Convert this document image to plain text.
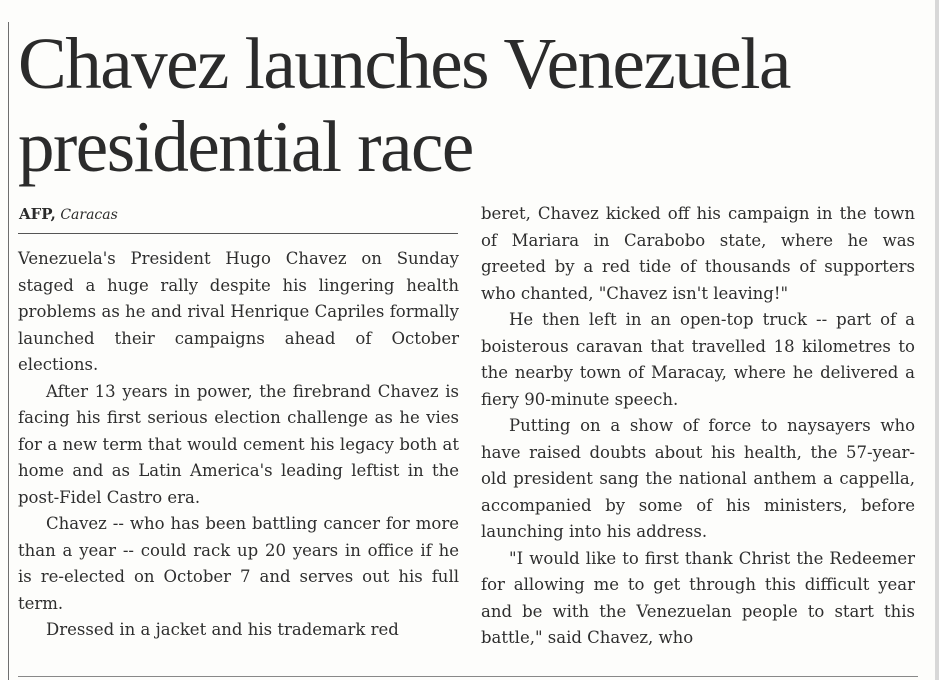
Chavez launches Venezuela presidential race
AFP, Caracas

Venezuela's President Hugo Chavez on Sunday staged a huge rally despite his lingering health problems as he and rival Henrique Capriles formally launched their campaigns ahead of October elections.

After 13 years in power, the firebrand Chavez is facing his first serious election challenge as he vies for a new term that would cement his legacy both at home and as Latin America's leading leftist in the post-Fidel Castro era.

Chavez -- who has been battling cancer for more than a year -- could rack up 20 years in office if he is re-elected on October 7 and serves out his full term.

Dressed in a jacket and his trademark red

beret, Chavez kicked off his campaign in the town of Mariara in Carabobo state, where he was greeted by a red tide of thousands of supporters who chanted, "Chavez isn't leaving!"

He then left in an open-top truck -- part of a boisterous caravan that travelled 18 kilometres to the nearby town of Maracay, where he delivered a fiery 90-minute speech.

Putting on a show of force to naysayers who have raised doubts about his health, the 57-year-old president sang the national anthem a cappella, accompanied by some of his ministers, before launching into his address.

"I would like to first thank Christ the Redeemer for allowing me to get through this difficult year and be with the Venezuelan people to start this battle," said Chavez, who
